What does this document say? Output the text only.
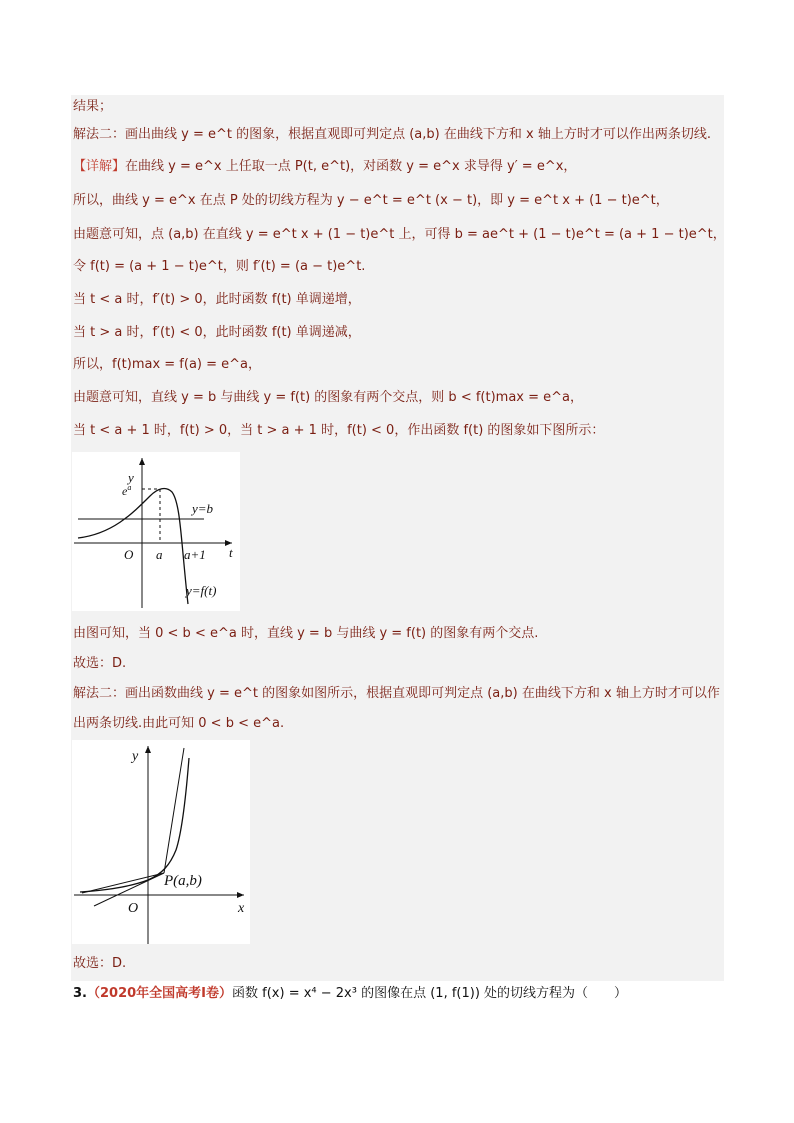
结果；
解法二：画出曲线 y = e^t 的图象，根据直观即可判定点 (a,b) 在曲线下方和 x 轴上方时才可以作出两条切线.
【详解】在曲线 y = e^x 上任取一点 P(t, e^t)，对函数 y = e^x 求导得 y′ = e^x，
所以，曲线 y = e^x 在点 P 处的切线方程为 y − e^t = e^t (x − t)，即 y = e^t x + (1 − t)e^t，
由题意可知，点 (a,b) 在直线 y = e^t x + (1 − t)e^t 上，可得 b = ae^t + (1 − t)e^t = (a + 1 − t)e^t，
令 f(t) = (a + 1 − t)e^t，则 f′(t) = (a − t)e^t.
当 t < a 时，f′(t) > 0，此时函数 f(t) 单调递增，
当 t > a 时，f′(t) < 0，此时函数 f(t) 单调递减，
所以，f(t)max = f(a) = e^a，
由题意可知，直线 y = b 与曲线 y = f(t) 的图象有两个交点，则 b < f(t)max = e^a，
当 t < a + 1 时，f(t) > 0，当 t > a + 1 时，f(t) < 0，作出函数 f(t) 的图象如下图所示：
y
$e^a$
y=b
O a a+1 t
y=f(t)
由图可知，当 0 < b < e^a 时，直线 y = b 与曲线 y = f(t) 的图象有两个交点.
故选：D.
解法二：画出函数曲线 y = e^t 的图象如图所示，根据直观即可判定点 (a,b) 在曲线下方和 x 轴上方时才可以作
出两条切线.由此可知 0 < b < e^a.
y
P(a,b)
O	x
故选：D.
3.（2020年全国高考Ⅰ卷）函数 f(x) = x⁴ − 2x³ 的图像在点 (1, f(1)) 处的切线方程为（　　）
